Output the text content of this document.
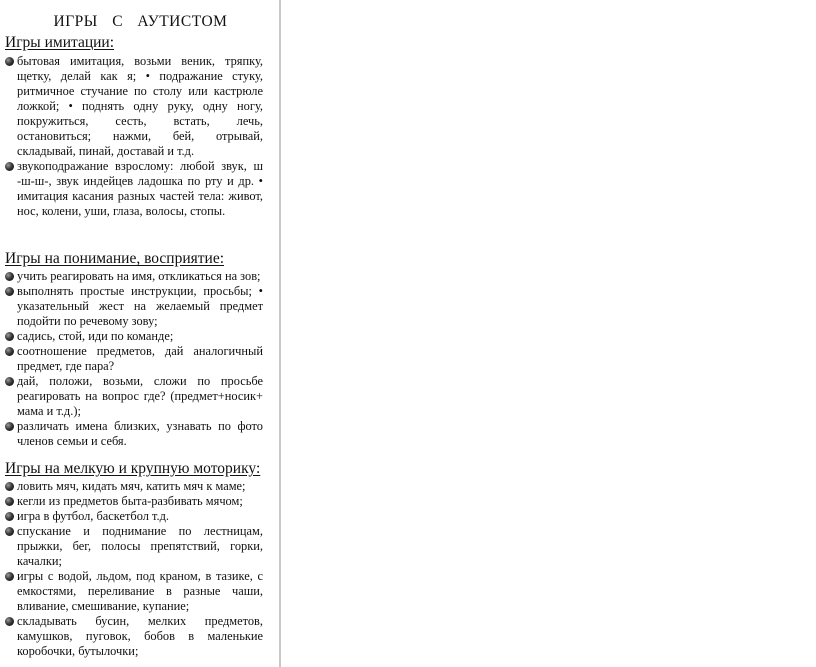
ИГРЫ С АУТИСТОМ

Игры имитации:

бытовая имитация, возьми веник, тряпку, щетку, делай как я; • подражание стуку, ритмичное стучание по столу или кастрюле ложкой; • поднять одну руку, одну ногу, покружиться, сесть, встать, лечь, остановиться; нажми, бей, отрывай, складывай, пинай, доставай и т.д.
звукоподражание взрослому: любой звук, ш -ш-ш-, звук индейцев ладошка по рту и др. • имитация касания разных частей тела: живот, нос, колени, уши, глаза, волосы, стопы.

Игры на понимание, восприятие:

учить реагировать на имя, откликаться на зов;
выполнять простые инструкции, просьбы; • указательный жест на желаемый предмет подойти по речевому зову;
садись, стой, иди по команде;
соотношение предметов, дай аналогичный предмет, где пара?
дай, положи, возьми, сложи по просьбе реагировать на вопрос где? (предмет+носик+ мама и т.д.);
различать имена близких, узнавать по фото членов семьи и себя.

Игры на мелкую и крупную моторику:

ловить мяч, кидать мяч, катить мяч к маме;
кегли из предметов быта-разбивать мячом;
игра в футбол, баскетбол т.д.
спускание и поднимание по лестницам, прыжки, бег, полосы препятствий, горки, качалки;
игры с водой, льдом, под краном, в тазике, с емкостями, переливание в разные чаши, вливание, смешивание, купание;
складывать бусин, мелких предметов, камушков, пуговок, бобов в маленькие коробочки, бутылочки;
